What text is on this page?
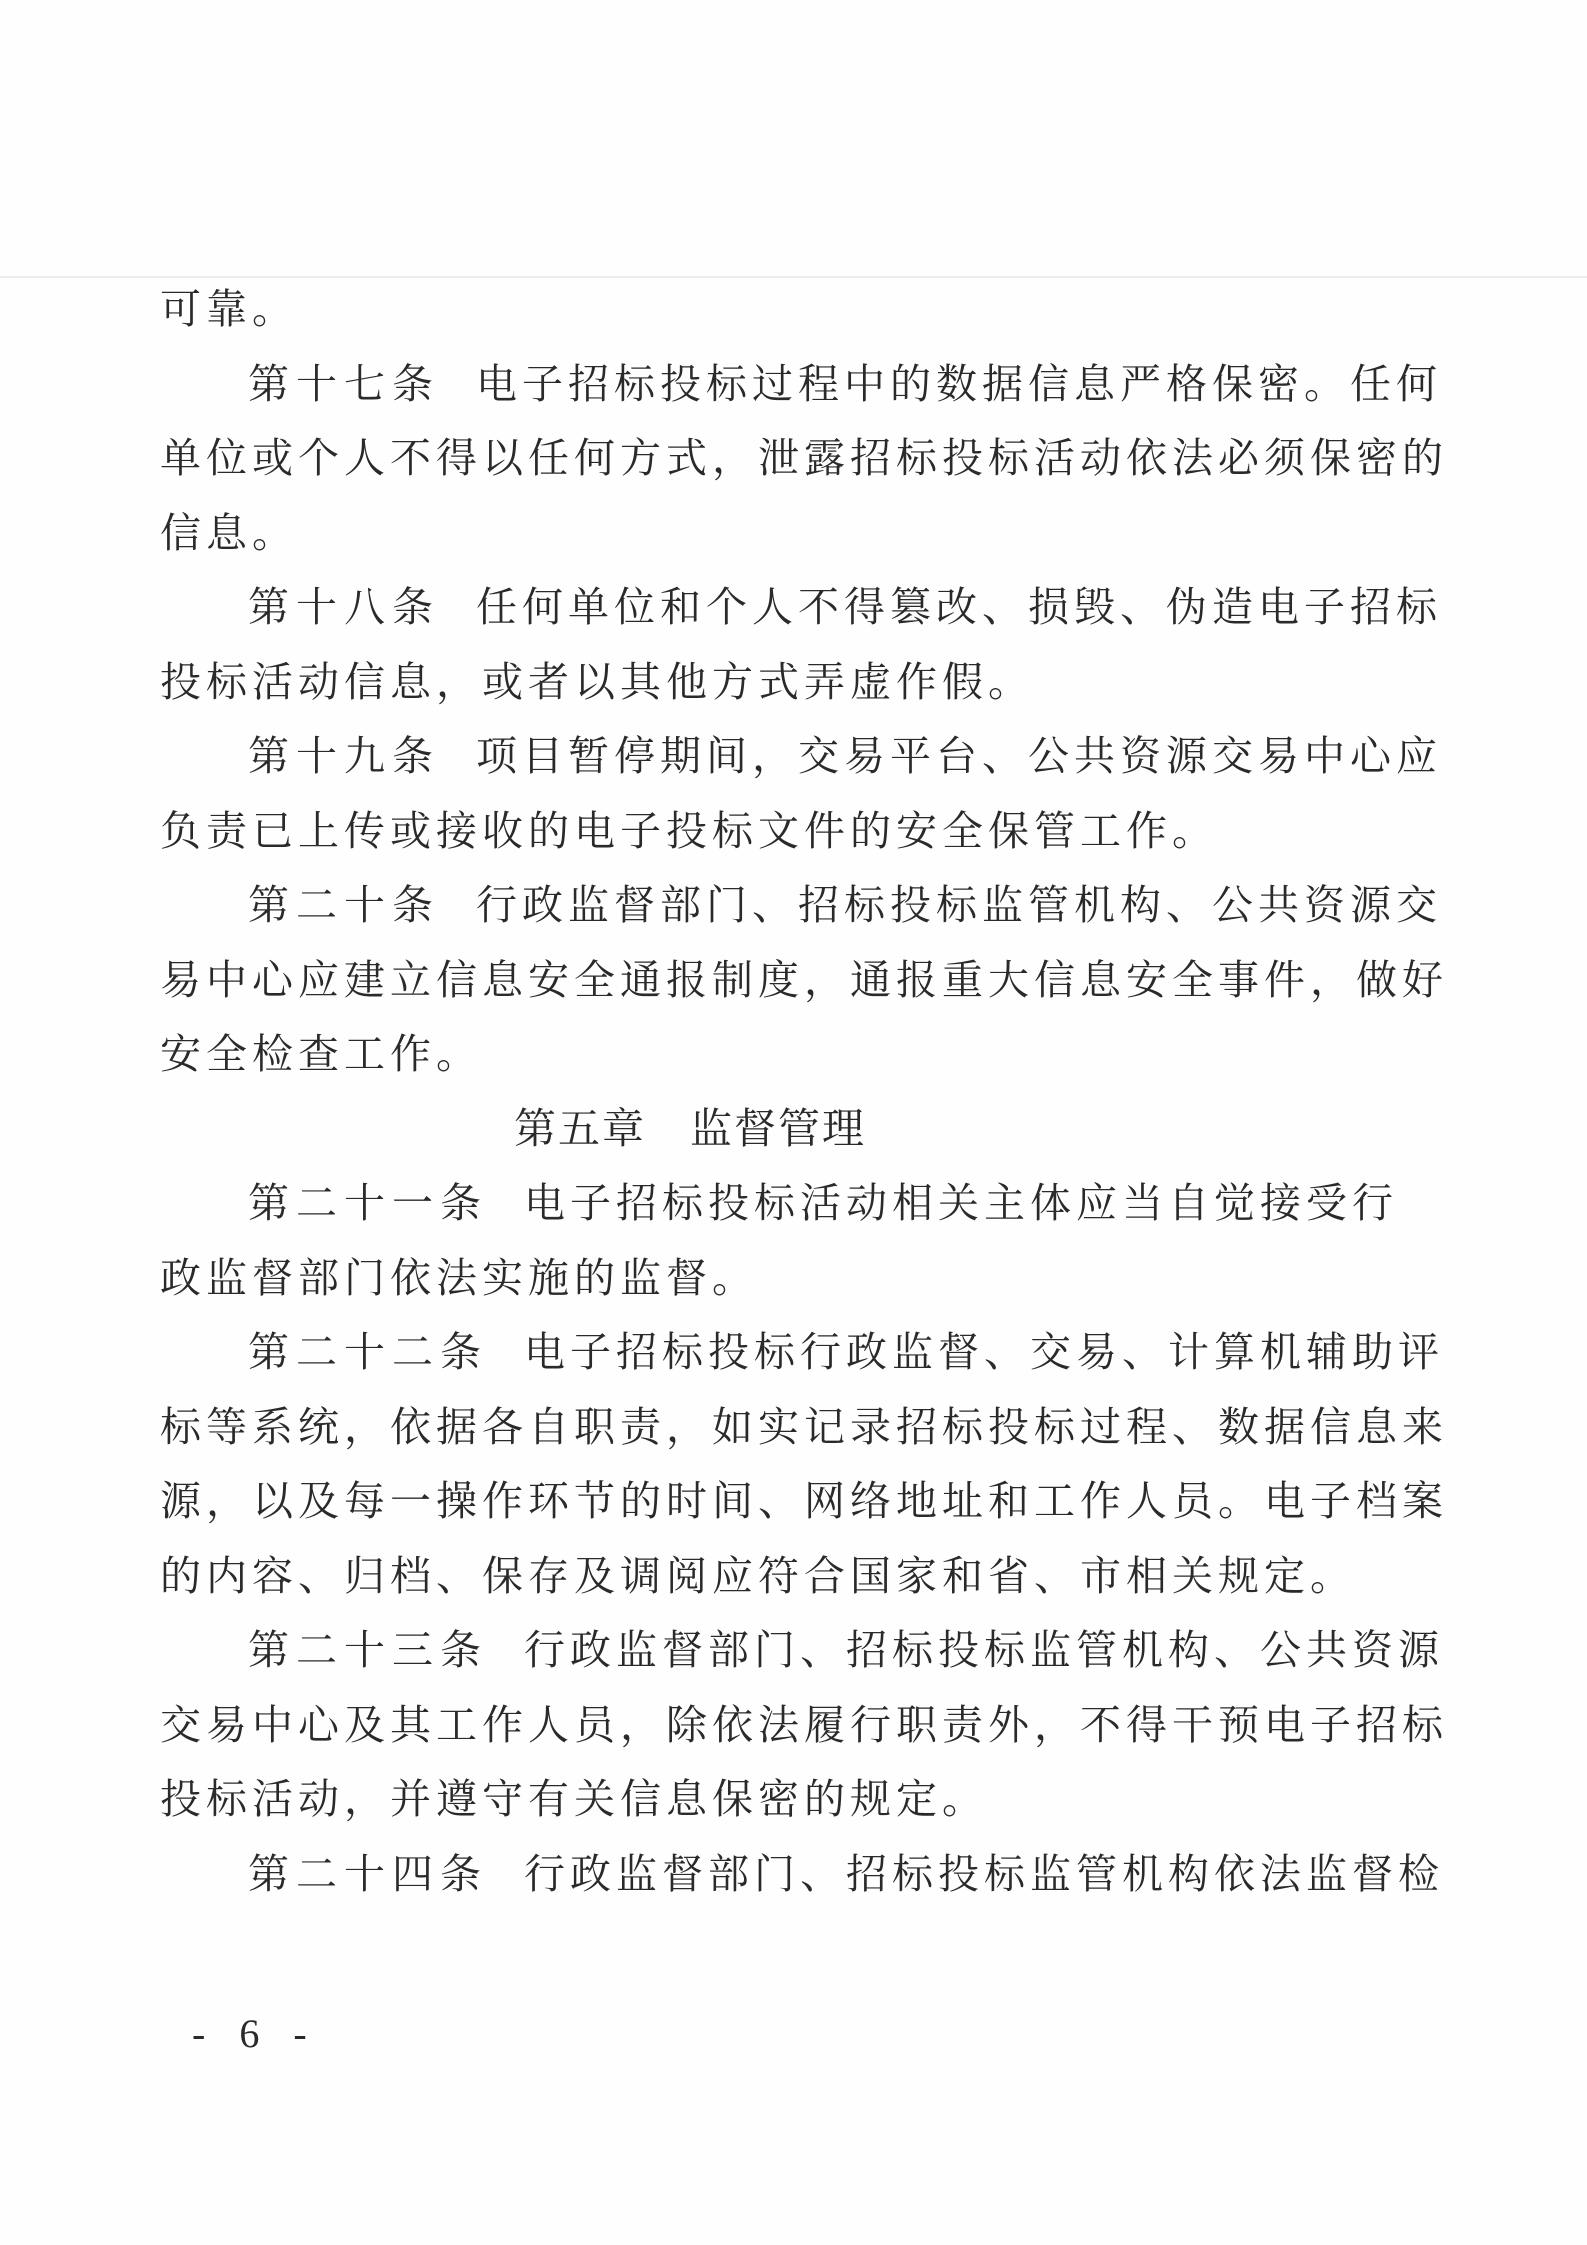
可靠。

第十七条 电子招标投标过程中的数据信息严格保密。任何

单位或个人不得以任何方式，泄露招标投标活动依法必须保密的

信息。

第十八条 任何单位和个人不得篡改、损毁、伪造电子招标

投标活动信息，或者以其他方式弄虚作假。

第十九条 项目暂停期间，交易平台、公共资源交易中心应

负责已上传或接收的电子投标文件的安全保管工作。

第二十条 行政监督部门、招标投标监管机构、公共资源交

易中心应建立信息安全通报制度，通报重大信息安全事件，做好

安全检查工作。

第五章　监督管理

第二十一条 电子招标投标活动相关主体应当自觉接受行

政监督部门依法实施的监督。

第二十二条 电子招标投标行政监督、交易、计算机辅助评

标等系统，依据各自职责，如实记录招标投标过程、数据信息来

源，以及每一操作环节的时间、网络地址和工作人员。电子档案

的内容、归档、保存及调阅应符合国家和省、市相关规定。

第二十三条 行政监督部门、招标投标监管机构、公共资源

交易中心及其工作人员，除依法履行职责外，不得干预电子招标

投标活动，并遵守有关信息保密的规定。

第二十四条 行政监督部门、招标投标监管机构依法监督检

- 6 -
